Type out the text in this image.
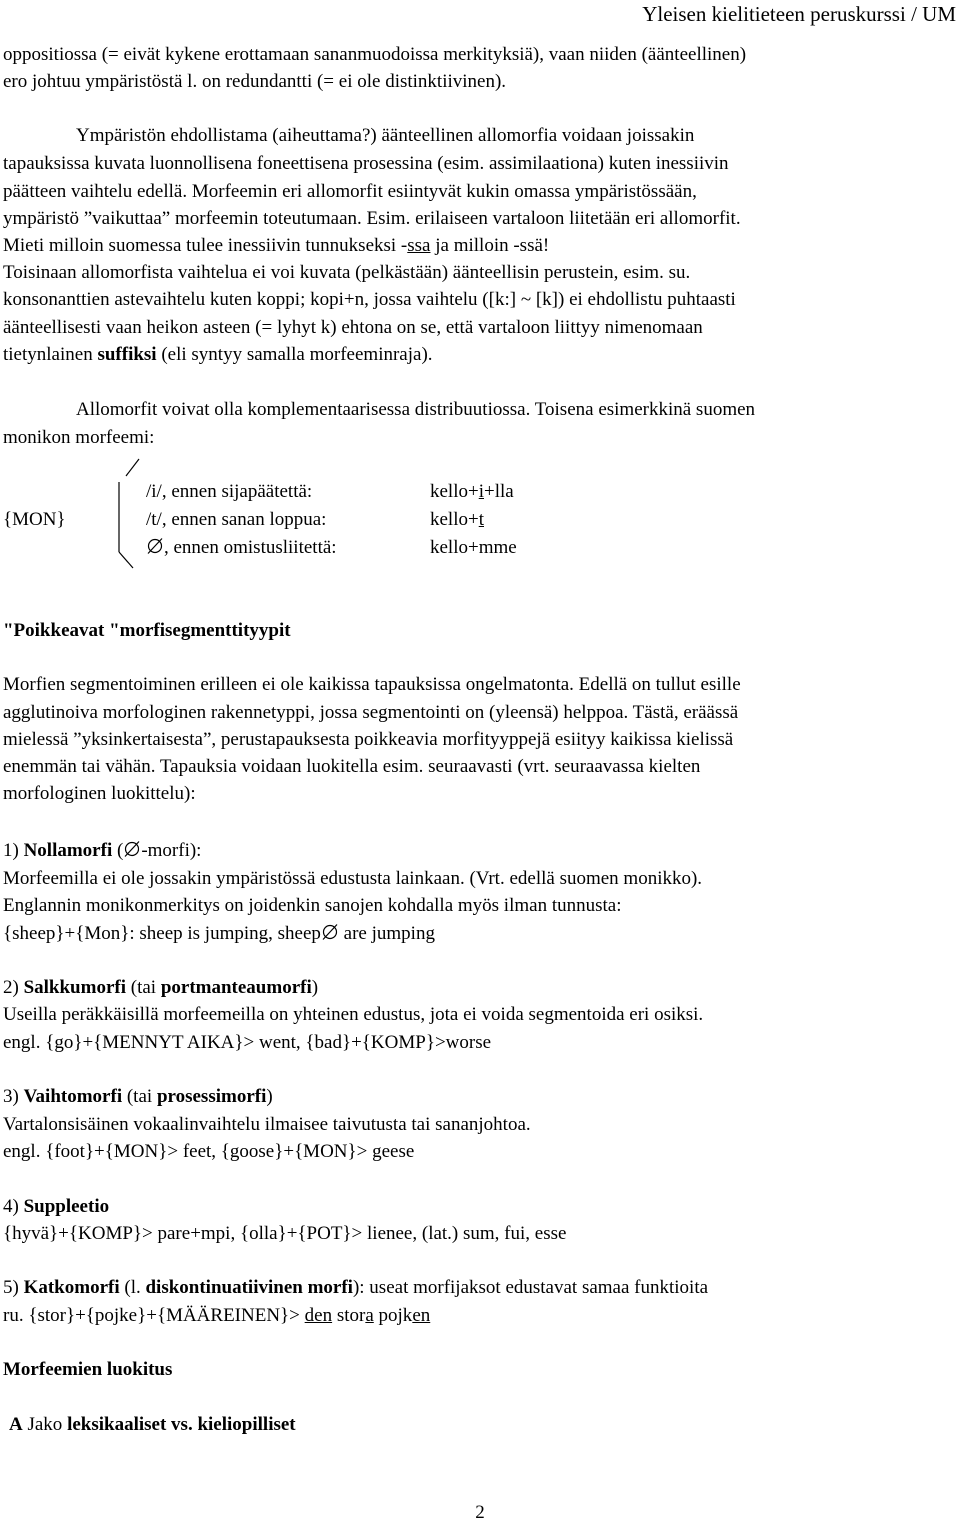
Yleisen kielitieteen peruskurssi / UM
oppositiossa (= eivät kykene erottamaan sananmuodoissa merkityksiä), vaan niiden (äänteellinen)
ero johtuu ympäristöstä l. on redundantti (= ei ole distinktiivinen).
Ympäristön ehdollistama (aiheuttama?) äänteellinen allomorfia voidaan joissakin
tapauksissa kuvata luonnollisena foneettisena prosessina (esim. assimilaationa) kuten inessiivin
päätteen vaihtelu edellä. Morfeemin eri allomorfit esiintyvät kukin omassa ympäristössään,
ympäristö ”vaikuttaa” morfeemin toteutumaan. Esim. erilaiseen vartaloon liitetään eri allomorfit.
Mieti milloin suomessa tulee inessiivin tunnukseksi -ssa ja milloin -ssä!
Toisinaan allomorfista vaihtelua ei voi kuvata (pelkästään) äänteellisin perustein, esim. su.
konsonanttien astevaihtelu kuten koppi; kopi+n, jossa vaihtelu ([k:] ~ [k]) ei ehdollistu puhtaasti
äänteellisesti vaan heikon asteen (= lyhyt k) ehtona on se, että vartaloon liittyy nimenomaan
tietynlainen suffiksi (eli syntyy samalla morfeeminraja).
Allomorfit voivat olla komplementaarisessa distribuutiossa. Toisena esimerkkinä suomen
monikon morfeemi:
{MON}
/i/, ennen sijapäätettä:	kello+i+lla
/t/, ennen sanan loppua:	kello+t
, ennen omistusliitettä:	kello+mme
"Poikkeavat "morfisegmenttityypit
Morfien segmentoiminen erilleen ei ole kaikissa tapauksissa ongelmatonta. Edellä on tullut esille
agglutinoiva morfologinen rakennetyppi, jossa segmentointi on (yleensä) helppoa. Tästä, eräässä
mielessä ”yksinkertaisesta”, perustapauksesta poikkeavia morfityyppejä esiityy kaikissa kielissä
enemmän tai vähän. Tapauksia voidaan luokitella esim. seuraavasti (vrt. seuraavassa kielten
morfologinen luokittelu):
1) Nollamorfi ( -morfi):
Morfeemilla ei ole jossakin ympäristössä edustusta lainkaan. (Vrt. edellä suomen monikko).
Englannin monikonmerkitys on joidenkin sanojen kohdalla myös ilman tunnusta:
{sheep}+{Mon}: sheep is jumping, sheep are jumping
2) Salkkumorfi (tai portmanteaumorfi)
Useilla peräkkäisillä morfeemeilla on yhteinen edustus, jota ei voida segmentoida eri osiksi.
engl. {go}+{MENNYT AIKA}> went, {bad}+{KOMP}>worse
3) Vaihtomorfi (tai prosessimorfi)
Vartalonsisäinen vokaalinvaihtelu ilmaisee taivutusta tai sananjohtoa.
engl. {foot}+{MON}> feet, {goose}+{MON}> geese
4) Suppleetio
{hyvä}+{KOMP}> pare+mpi, {olla}+{POT}> lienee, (lat.) sum, fui, esse
5) Katkomorfi (l. diskontinuatiivinen morfi): useat morfijaksot edustavat samaa funktioita
ru. {stor}+{pojke}+{MÄÄREINEN}> den stora pojken
Morfeemien luokitus
A Jako leksikaaliset vs. kieliopilliset
2
